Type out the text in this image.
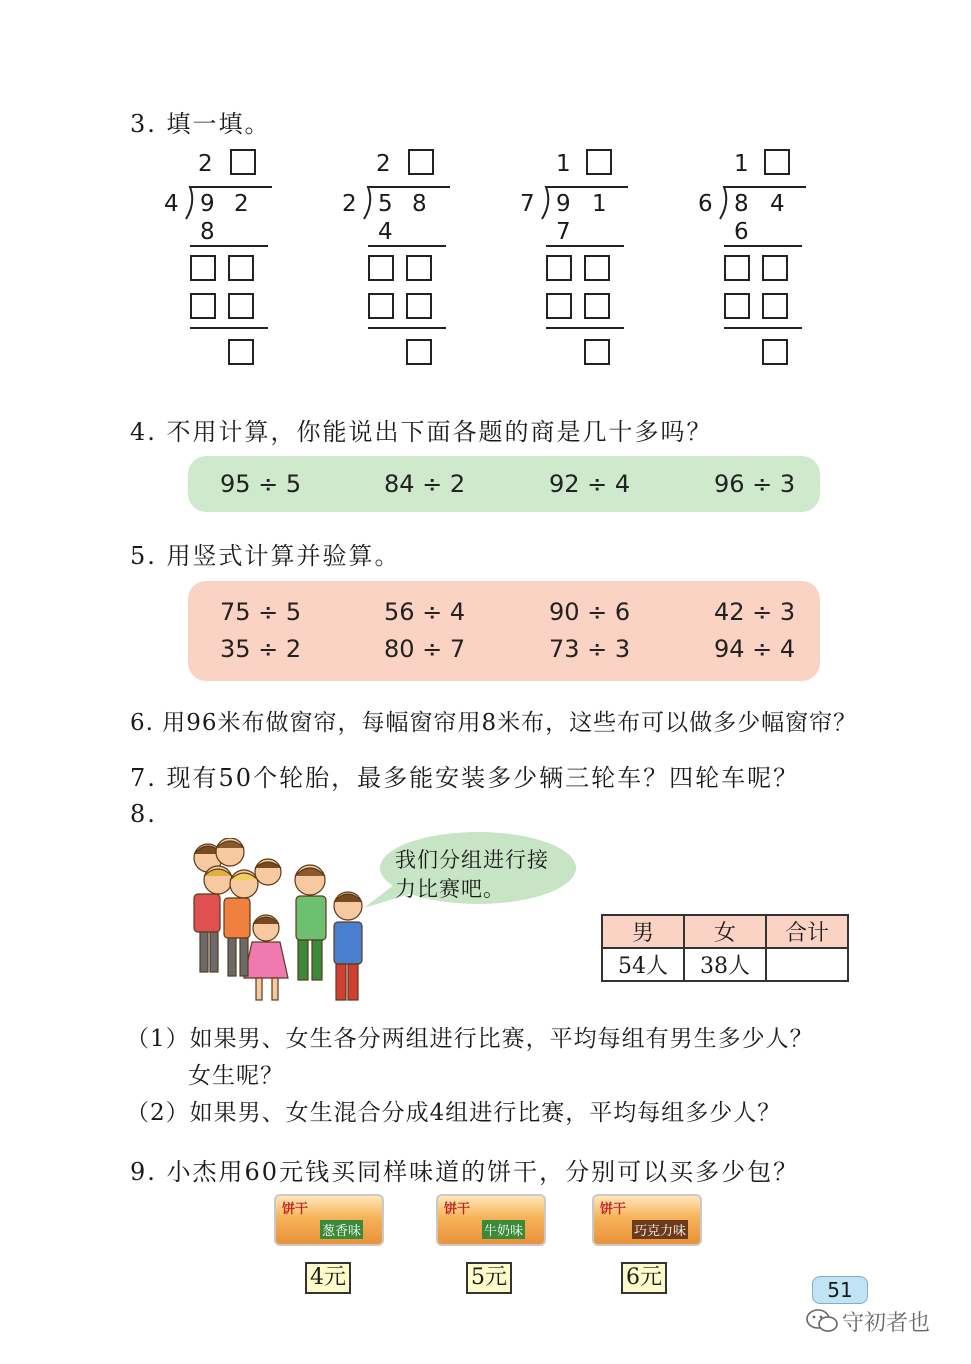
3. 填一填。
2
4 9 2
8
2
2 5 8
4
1
7 9 1
7
1
6 8 4
6
4. 不用计算，你能说出下面各题的商是几十多吗？
95 ÷ 5	84 ÷ 2	92 ÷ 4	96 ÷ 3
5. 用竖式计算并验算。
75 ÷ 5	56 ÷ 4	90 ÷ 6	42 ÷ 3
35 ÷ 2	80 ÷ 7	73 ÷ 3	94 ÷ 4
6. 用96米布做窗帘，每幅窗帘用8米布，这些布可以做多少幅窗帘？
7. 现有50个轮胎，最多能安装多少辆三轮车？四轮车呢？
8.
我们分组进行接
力比赛吧。
男	女	合计
54人	38人	
（1）如果男、女生各分两组进行比赛，平均每组有男生多少人？
女生呢？
（2）如果男、女生混合分成4组进行比赛，平均每组多少人？
9. 小杰用60元钱买同样味道的饼干，分别可以买多少包？
饼干
葱香味
饼干
牛奶味
饼干
巧克力味
4元	5元	6元	51
守初者也
